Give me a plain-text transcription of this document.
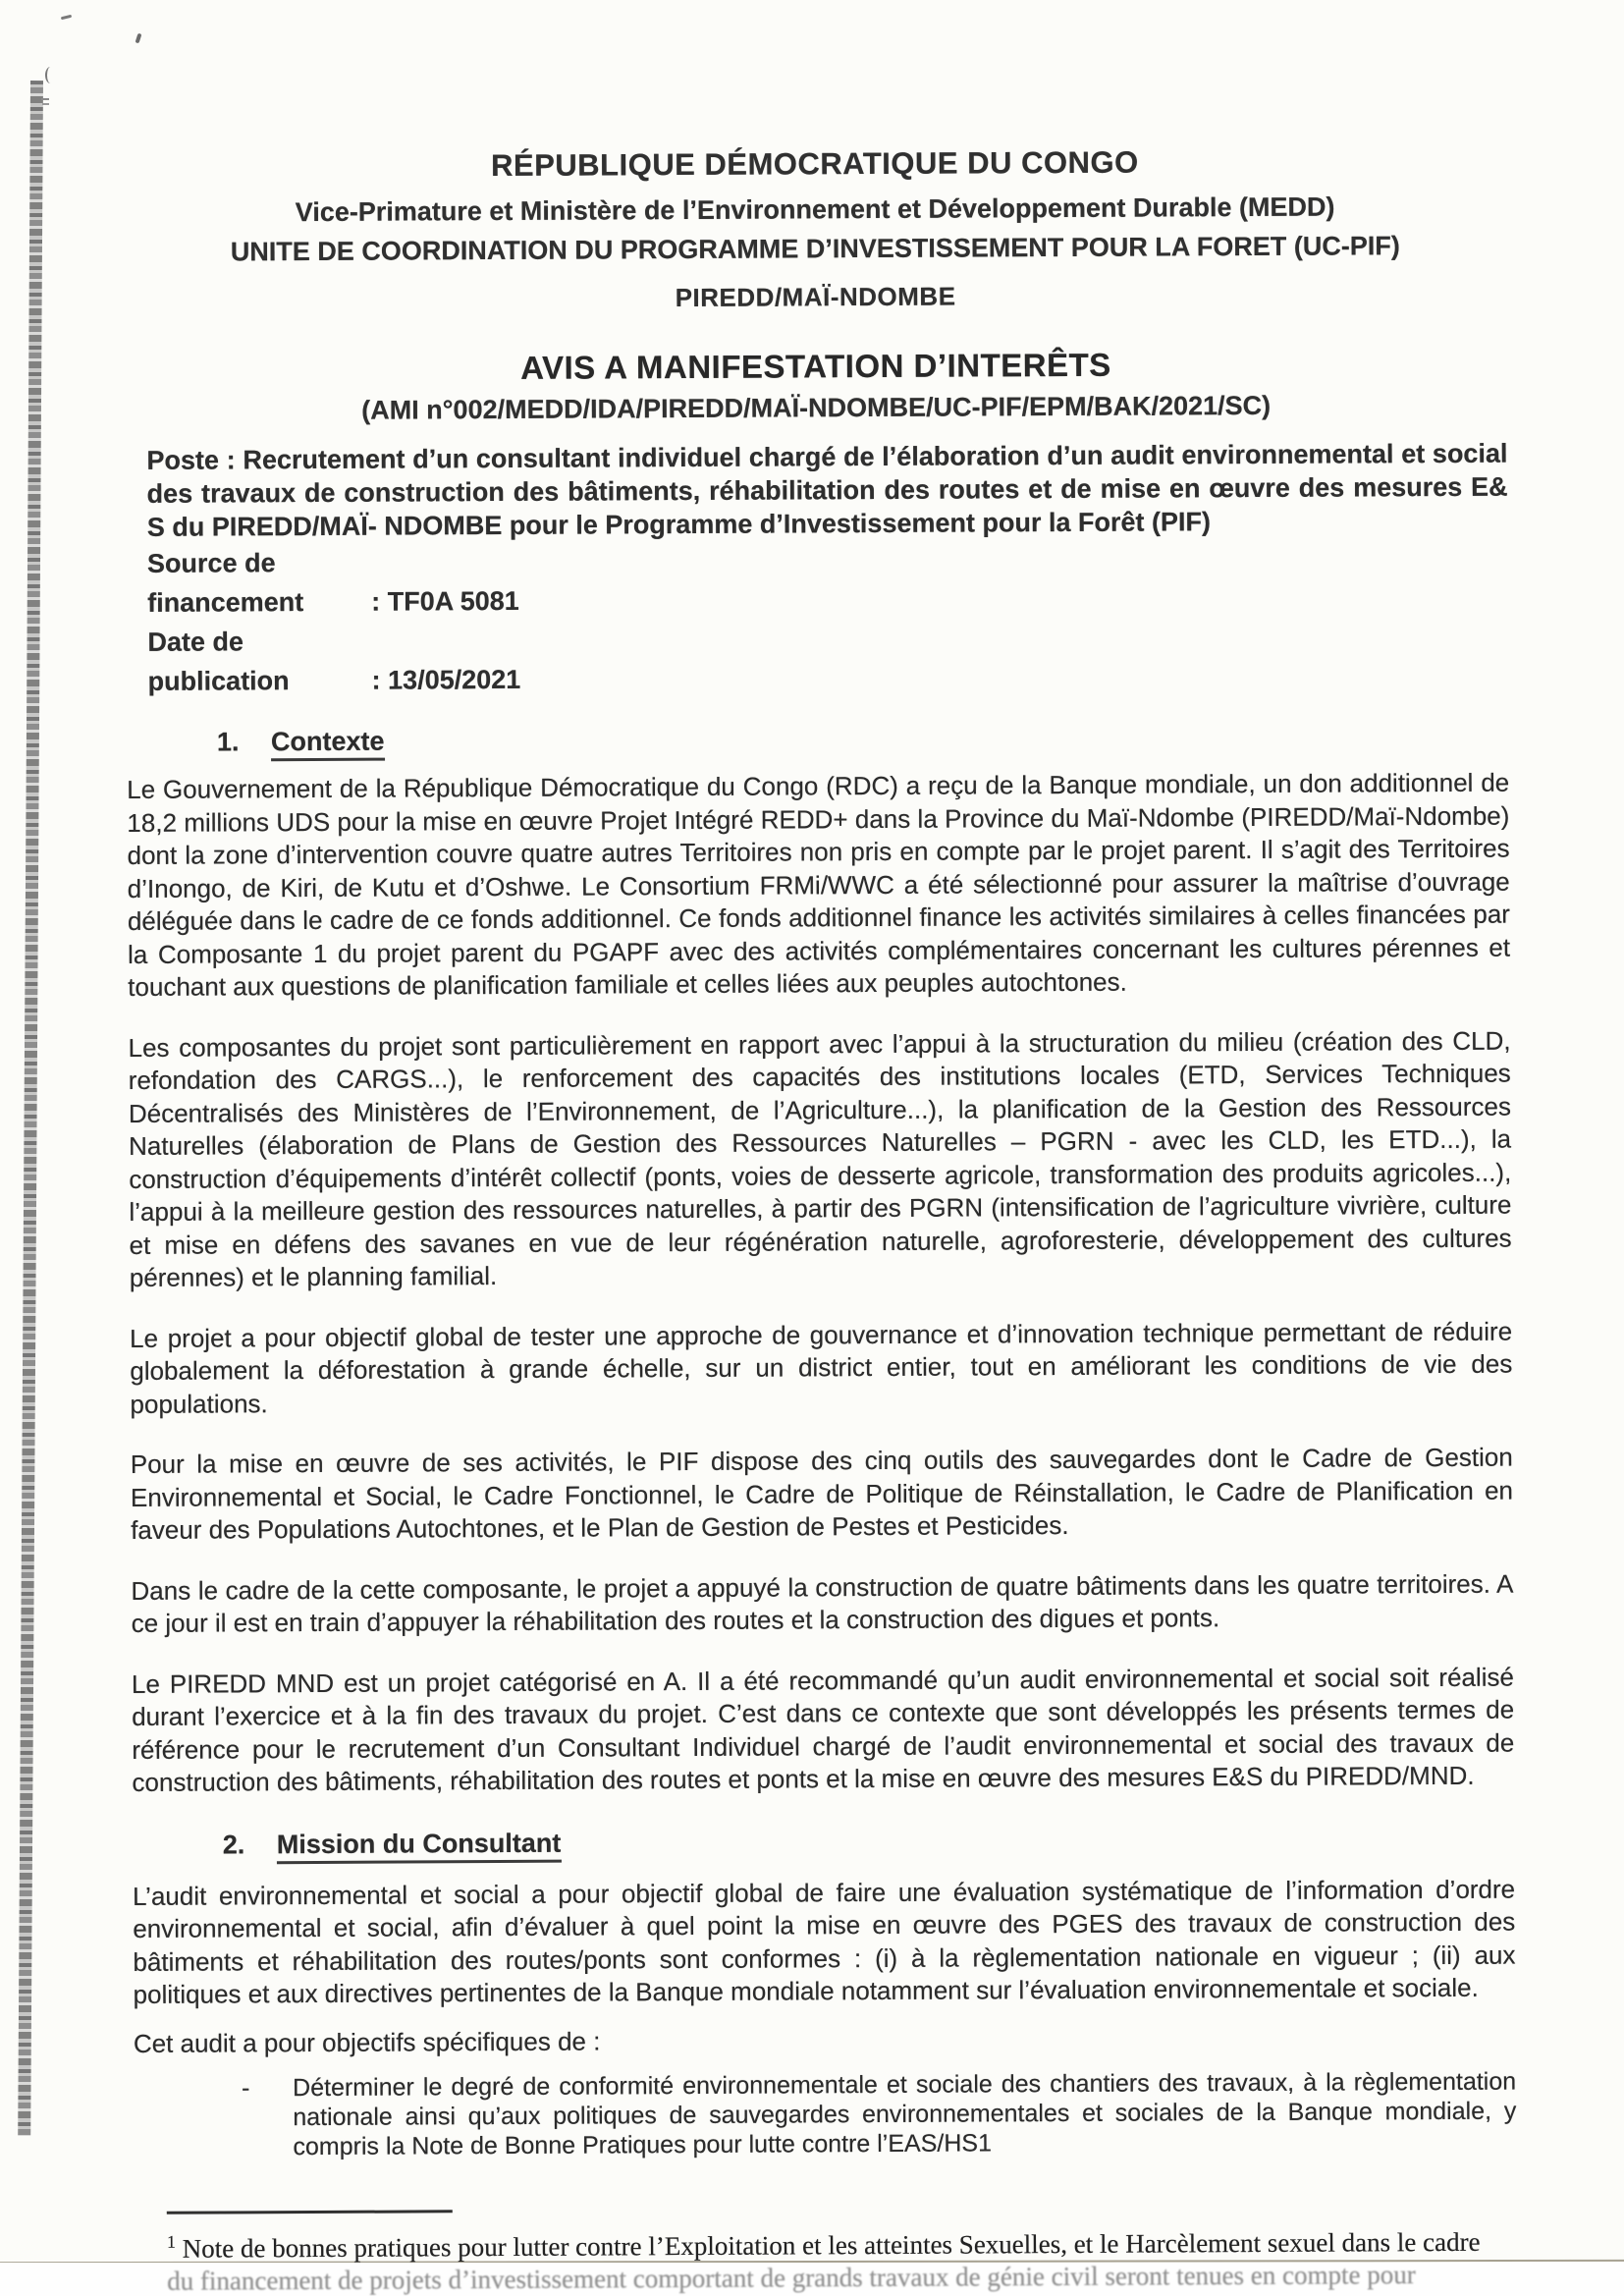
RÉPUBLIQUE DÉMOCRATIQUE DU CONGO
Vice-Primature et Ministère de l’Environnement et Développement Durable (MEDD)
UNITE DE COORDINATION DU PROGRAMME D’INVESTISSEMENT POUR LA FORET (UC-PIF)
PIREDD/MAÏ-NDOMBE
AVIS A MANIFESTATION D’INTERÊTS
(AMI n°002/MEDD/IDA/PIREDD/MAÏ-NDOMBE/UC-PIF/EPM/BAK/2021/SC)
Poste : Recrutement d’un consultant individuel chargé de l’élaboration d’un audit environnemental et social des travaux de construction des bâtiments, réhabilitation des routes et de mise en œuvre des mesures E& S du PIREDD/MAÏ- NDOMBE pour le Programme d’Investissement pour la Forêt (PIF)
Source de financement	: TF0A 5081
Date de publication	: 13/05/2021
1. Contexte

Le Gouvernement de la République Démocratique du Congo (RDC) a reçu de la Banque mondiale, un don additionnel de 18,2 millions UDS pour la mise en œuvre Projet Intégré REDD+ dans la Province du Maï-Ndombe (PIREDD/Maï-Ndombe) dont la zone d’intervention couvre quatre autres Territoires non pris en compte par le projet parent. Il s’agit des Territoires d’Inongo, de Kiri, de Kutu et d’Oshwe. Le Consortium FRMi/WWC a été sélectionné pour assurer la maîtrise d’ouvrage déléguée dans le cadre de ce fonds additionnel. Ce fonds additionnel finance les activités similaires à celles financées par la Composante 1 du projet parent du PGAPF avec des activités complémentaires concernant les cultures pérennes et touchant aux questions de planification familiale et celles liées aux peuples autochtones.

Les composantes du projet sont particulièrement en rapport avec l’appui à la structuration du milieu (création des CLD, refondation des CARGS...), le renforcement des capacités des institutions locales (ETD, Services Techniques Décentralisés des Ministères de l’Environnement, de l’Agriculture...), la planification de la Gestion des Ressources Naturelles (élaboration de Plans de Gestion des Ressources Naturelles – PGRN - avec les CLD, les ETD...), la construction d’équipements d’intérêt collectif (ponts, voies de desserte agricole, transformation des produits agricoles...), l’appui à la meilleure gestion des ressources naturelles, à partir des PGRN (intensification de l’agriculture vivrière, culture et mise en défens des savanes en vue de leur régénération naturelle, agroforesterie, développement des cultures pérennes) et le planning familial.

Le projet a pour objectif global de tester une approche de gouvernance et d’innovation technique permettant de réduire globalement la déforestation à grande échelle, sur un district entier, tout en améliorant les conditions de vie des populations.

Pour la mise en œuvre de ses activités, le PIF dispose des cinq outils des sauvegardes dont le Cadre de Gestion Environnemental et Social, le Cadre Fonctionnel, le Cadre de Politique de Réinstallation, le Cadre de Planification en faveur des Populations Autochtones, et le Plan de Gestion de Pestes et Pesticides.

Dans le cadre de la cette composante, le projet a appuyé la construction de quatre bâtiments dans les quatre territoires. A ce jour il est en train d’appuyer la réhabilitation des routes et la construction des digues et ponts.

Le PIREDD MND est un projet catégorisé en A. Il a été recommandé qu’un audit environnemental et social soit réalisé durant l’exercice et à la fin des travaux du projet. C’est dans ce contexte que sont développés les présents termes de référence pour le recrutement d’un Consultant Individuel chargé de l’audit environnemental et social des travaux de construction des bâtiments, réhabilitation des routes et ponts et la mise en œuvre des mesures E&S du PIREDD/MND.

2. Mission du Consultant

L’audit environnemental et social a pour objectif global de faire une évaluation systématique de l’information d’ordre environnemental et social, afin d’évaluer à quel point la mise en œuvre des PGES des travaux de construction des bâtiments et réhabilitation des routes/ponts sont conformes : (i) à la règlementation nationale en vigueur ; (ii) aux politiques et aux directives pertinentes de la Banque mondiale notamment sur l’évaluation environnementale et sociale.

Cet audit a pour objectifs spécifiques de :

-	Déterminer le degré de conformité environnementale et sociale des chantiers des travaux, à la règlementation nationale ainsi qu’aux politiques de sauvegardes environnementales et sociales de la Banque mondiale, y compris la Note de Bonne Pratiques pour lutte contre l’EAS/HS1
$^1$ Note de bonnes pratiques pour lutter contre l’Exploitation et les atteintes Sexuelles, et le Harcèlement sexuel dans le cadre
du financement de projets d’investissement comportant de grands travaux de génie civil seront tenues en compte pour
